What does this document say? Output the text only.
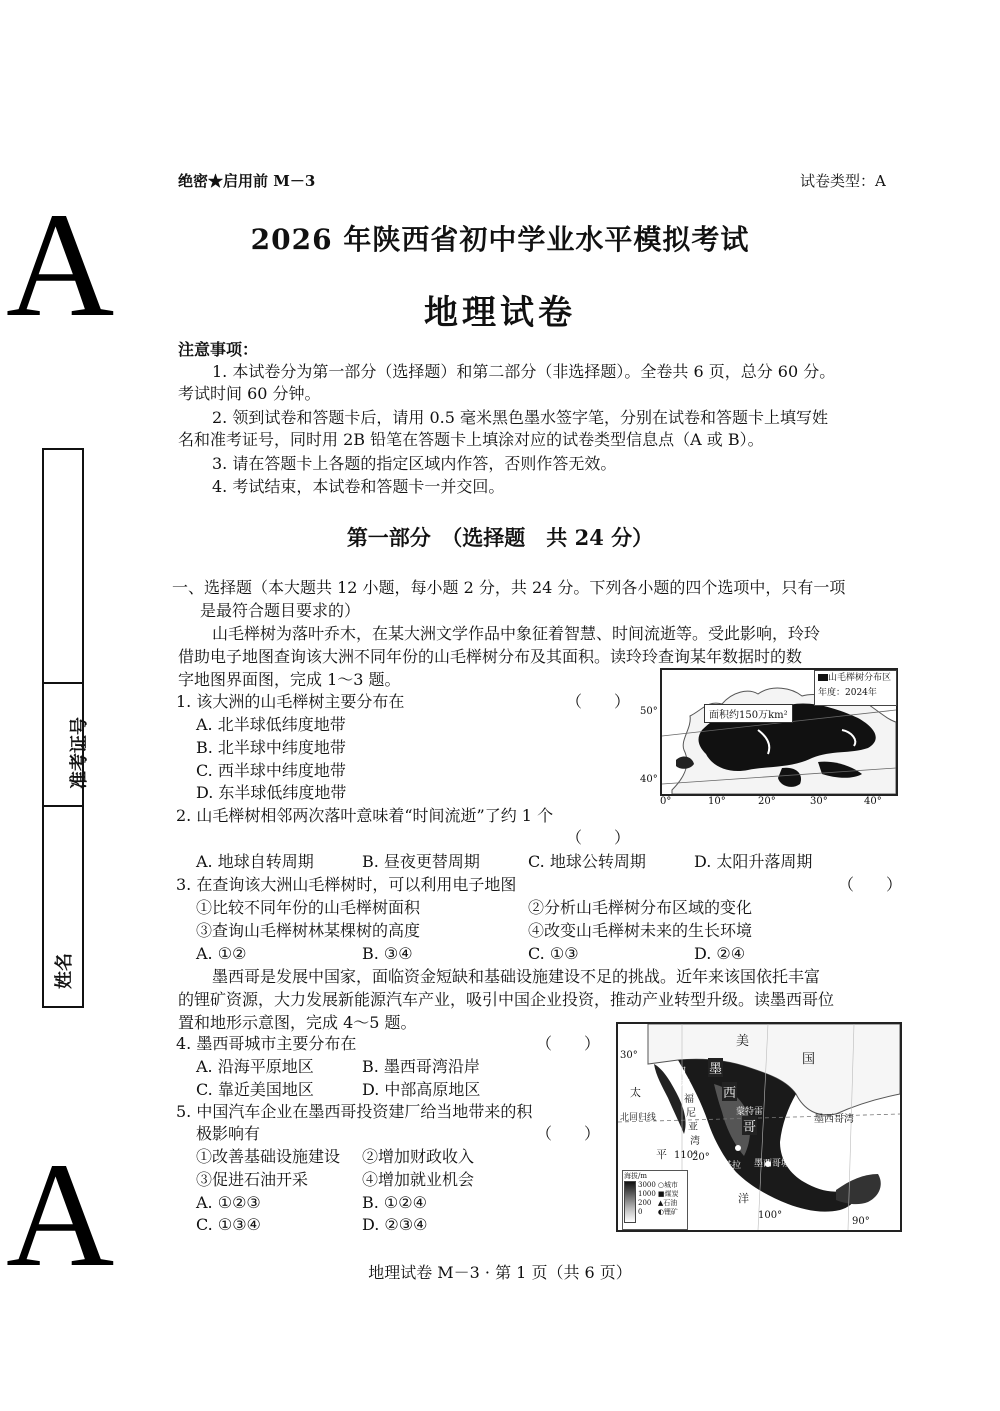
A
A
绝密★启用前 M－3	试卷类型：A
2026 年陕西省初中学业水平模拟考试
地理试卷
准考证号
姓名
注意事项：
1. 本试卷分为第一部分（选择题）和第二部分（非选择题）。全卷共 6 页，总分 60 分。
考试时间 60 分钟。
2. 领到试卷和答题卡后，请用 0.5 毫米黑色墨水签字笔，分别在试卷和答题卡上填写姓
名和准考证号，同时用 2B 铅笔在答题卡上填涂对应的试卷类型信息点（A 或 B）。
3. 请在答题卡上各题的指定区域内作答，否则作答无效。
4. 考试结束，本试卷和答题卡一并交回。
第一部分　（选择题　共 24 分）
一、选择题（本大题共 12 小题，每小题 2 分，共 24 分。下列各小题的四个选项中，只有一项
是最符合题目要求的）
山毛榉树为落叶乔木，在某大洲文学作品中象征着智慧、时间流逝等。受此影响，玲玲
借助电子地图查询该大洲不同年份的山毛榉树分布及其面积。读玲玲查询某年数据时的数
字地图界面图，完成 1～3 题。
1. 该大洲的山毛榉树主要分布在	（　　）
A. 北半球低纬度地带
B. 北半球中纬度地带
C. 西半球中纬度地带
D. 东半球低纬度地带
山毛榉树分布区
年度：2024年
面积约150万km²
50°
40°
0°	10°	20°	30°	40°
2. 山毛榉树相邻两次落叶意味着“时间流逝”了约 1 个
（　　）
A. 地球自转周期	B. 昼夜更替周期	C. 地球公转周期	D. 太阳升落周期
3. 在查询该大洲山毛榉树时，可以利用电子地图	（　　）
①比较不同年份的山毛榉树面积	②分析山毛榉树分布区域的变化
③查询山毛榉树林某棵树的高度	④改变山毛榉树未来的生长环境
A. ①②	B. ③④	C. ①③	D. ②④
墨西哥是发展中国家，面临资金短缺和基础设施建设不足的挑战。近年来该国依托丰富
的锂矿资源，大力发展新能源汽车产业，吸引中国企业投资，推动产业转型升级。读墨西哥位
置和地形示意图，完成 4～5 题。
4. 墨西哥城市主要分布在	（　　）
A. 沿海平原地区	B. 墨西哥湾沿岸
C. 靠近美国地区	D. 中部高原地区
5. 中国汽车企业在墨西哥投资建厂给当地带来的积
极影响有	（　　）
①改善基础设施建设 ②增加财政收入
③促进石油开采	④增加就业机会
A. ①②③	B. ①②④
C. ①③④	D. ②③④
美
国
30°
20°
110°
100°
90°
北回归线
太
平
洋
加
利
福
尼
亚
湾
墨
西
哥
蒙特雷
墨西哥城
特基拉
墨西哥湾
海拔/m
3000
1000
200
0
○城市
■煤炭
▲石油
◐锂矿
地理试卷 M－3 · 第 1 页（共 6 页）
